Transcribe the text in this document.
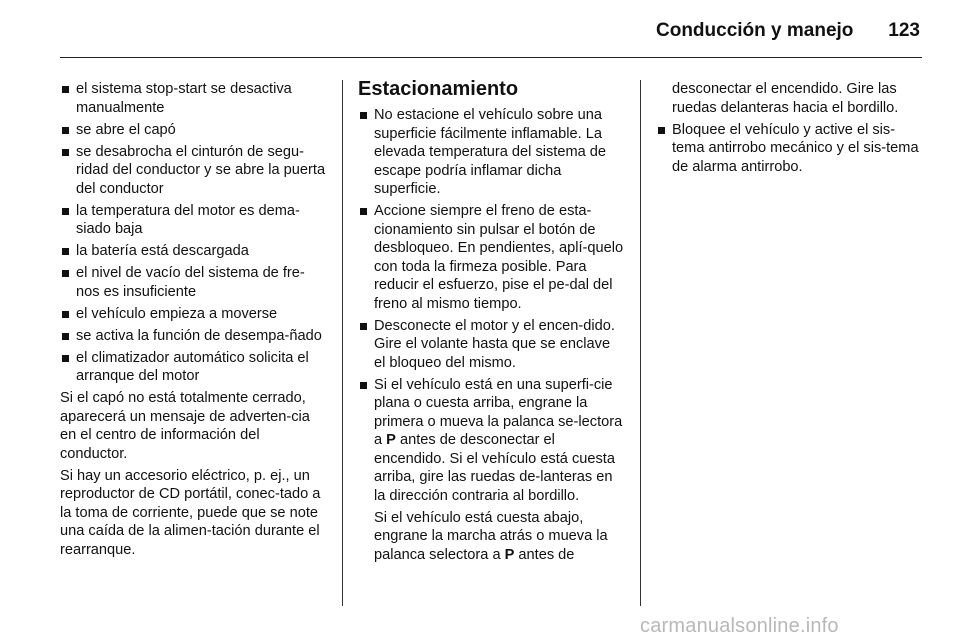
Conducción y manejo 123
el sistema stop-start se desactiva manualmente
se abre el capó
se desabrocha el cinturón de segu-ridad del conductor y se abre la puerta del conductor
la temperatura del motor es dema-siado baja
la batería está descargada
el nivel de vacío del sistema de fre-nos es insuficiente
el vehículo empieza a moverse
se activa la función de desempa-ñado
el climatizador automático solicita el arranque del motor

Si el capó no está totalmente cerrado, aparecerá un mensaje de adverten-cia en el centro de información del conductor.

Si hay un accesorio eléctrico, p. ej., un reproductor de CD portátil, conec-tado a la toma de corriente, puede que se note una caída de la alimen-tación durante el rearranque.

Estacionamiento
No estacione el vehículo sobre una superficie fácilmente inflamable. La elevada temperatura del sistema de escape podría inflamar dicha superficie.
Accione siempre el freno de esta-cionamiento sin pulsar el botón de desbloqueo. En pendientes, aplí-quelo con toda la firmeza posible. Para reducir el esfuerzo, pise el pe-dal del freno al mismo tiempo.
Desconecte el motor y el encen-dido. Gire el volante hasta que se enclave el bloqueo del mismo.
Si el vehículo está en una superfi-cie plana o cuesta arriba, engrane la primera o mueva la palanca se-lectora a P antes de desconectar el encendido. Si el vehículo está cuesta arriba, gire las ruedas de-lanteras en la dirección contraria al bordillo.
Si el vehículo está cuesta abajo, engrane la marcha atrás o mueva la palanca selectora a P antes de

desconectar el encendido. Gire las ruedas delanteras hacia el bordillo.

Bloquee el vehículo y active el sis-tema antirrobo mecánico y el sis-tema de alarma antirrobo.
carmanualsonline.info
